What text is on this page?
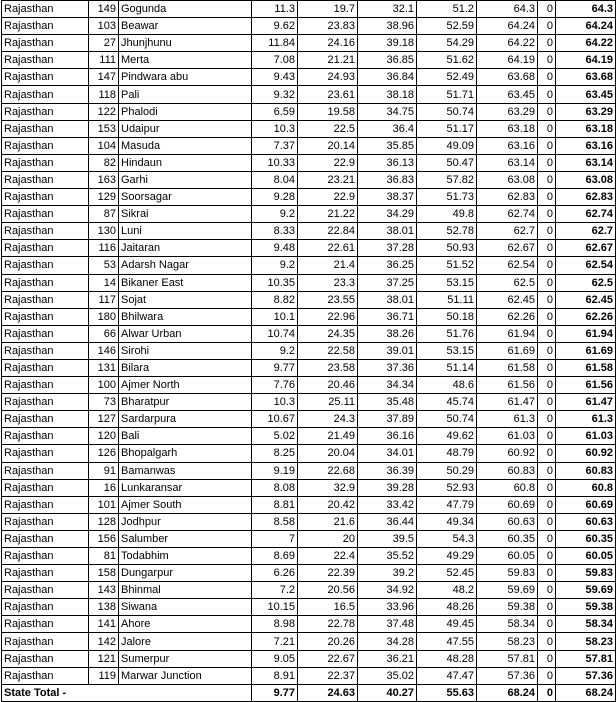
Rajasthan	149	Gogunda	11.3	19.7	32.1	51.2	64.3	0	64.3
Rajasthan	103	Beawar	9.62	23.83	38.96	52.59	64.24	0	64.24
Rajasthan	27	Jhunjhunu	11.84	24.16	39.18	54.29	64.22	0	64.22
Rajasthan	111	Merta	7.08	21.21	36.85	51.62	64.19	0	64.19
Rajasthan	147	Pindwara abu	9.43	24.93	36.84	52.49	63.68	0	63.68
Rajasthan	118	Pali	9.32	23.61	38.18	51.71	63.45	0	63.45
Rajasthan	122	Phalodi	6.59	19.58	34.75	50.74	63.29	0	63.29
Rajasthan	153	Udaipur	10.3	22.5	36.4	51.17	63.18	0	63.18
Rajasthan	104	Masuda	7.37	20.14	35.85	49.09	63.16	0	63.16
Rajasthan	82	Hindaun	10.33	22.9	36.13	50.47	63.14	0	63.14
Rajasthan	163	Garhi	8.04	23.21	36.83	57.82	63.08	0	63.08
Rajasthan	129	Soorsagar	9.28	22.9	38.37	51.73	62.83	0	62.83
Rajasthan	87	Sikrai	9.2	21.22	34.29	49.8	62.74	0	62.74
Rajasthan	130	Luni	8.33	22.84	38.01	52.78	62.7	0	62.7
Rajasthan	116	Jaitaran	9.48	22.61	37.28	50.93	62.67	0	62.67
Rajasthan	53	Adarsh Nagar	9.2	21.4	36.25	51.52	62.54	0	62.54
Rajasthan	14	Bikaner East	10.35	23.3	37.25	53.15	62.5	0	62.5
Rajasthan	117	Sojat	8.82	23.55	38.01	51.11	62.45	0	62.45
Rajasthan	180	Bhilwara	10.1	22.96	36.71	50.18	62.26	0	62.26
Rajasthan	66	Alwar Urban	10.74	24.35	38.26	51.76	61.94	0	61.94
Rajasthan	146	Sirohi	9.2	22.58	39.01	53.15	61.69	0	61.69
Rajasthan	131	Bilara	9.77	23.58	37.36	51.14	61.58	0	61.58
Rajasthan	100	Ajmer North	7.76	20.46	34.34	48.6	61.56	0	61.56
Rajasthan	73	Bharatpur	10.3	25.11	35.48	45.74	61.47	0	61.47
Rajasthan	127	Sardarpura	10.67	24.3	37.89	50.74	61.3	0	61.3
Rajasthan	120	Bali	5.02	21.49	36.16	49.62	61.03	0	61.03
Rajasthan	126	Bhopalgarh	8.25	20.04	34.01	48.79	60.92	0	60.92
Rajasthan	91	Bamanwas	9.19	22.68	36.39	50.29	60.83	0	60.83
Rajasthan	16	Lunkaransar	8.08	32.9	39.28	52.93	60.8	0	60.8
Rajasthan	101	Ajmer South	8.81	20.42	33.42	47.79	60.69	0	60.69
Rajasthan	128	Jodhpur	8.58	21.6	36.44	49.34	60.63	0	60.63
Rajasthan	156	Salumber	7	20	39.5	54.3	60.35	0	60.35
Rajasthan	81	Todabhim	8.69	22.4	35.52	49.29	60.05	0	60.05
Rajasthan	158	Dungarpur	6.26	22.39	39.2	52.45	59.83	0	59.83
Rajasthan	143	Bhinmal	7.2	20.56	34.92	48.2	59.69	0	59.69
Rajasthan	138	Siwana	10.15	16.5	33.96	48.26	59.38	0	59.38
Rajasthan	141	Ahore	8.98	22.78	37.48	49.45	58.34	0	58.34
Rajasthan	142	Jalore	7.21	20.26	34.28	47.55	58.23	0	58.23
Rajasthan	121	Sumerpur	9.05	22.67	36.21	48.28	57.81	0	57.81
Rajasthan	119	Marwar Junction	8.91	22.37	35.02	47.47	57.36	0	57.36
State Total -			9.77	24.63	40.27	55.63	68.24	0	68.24
